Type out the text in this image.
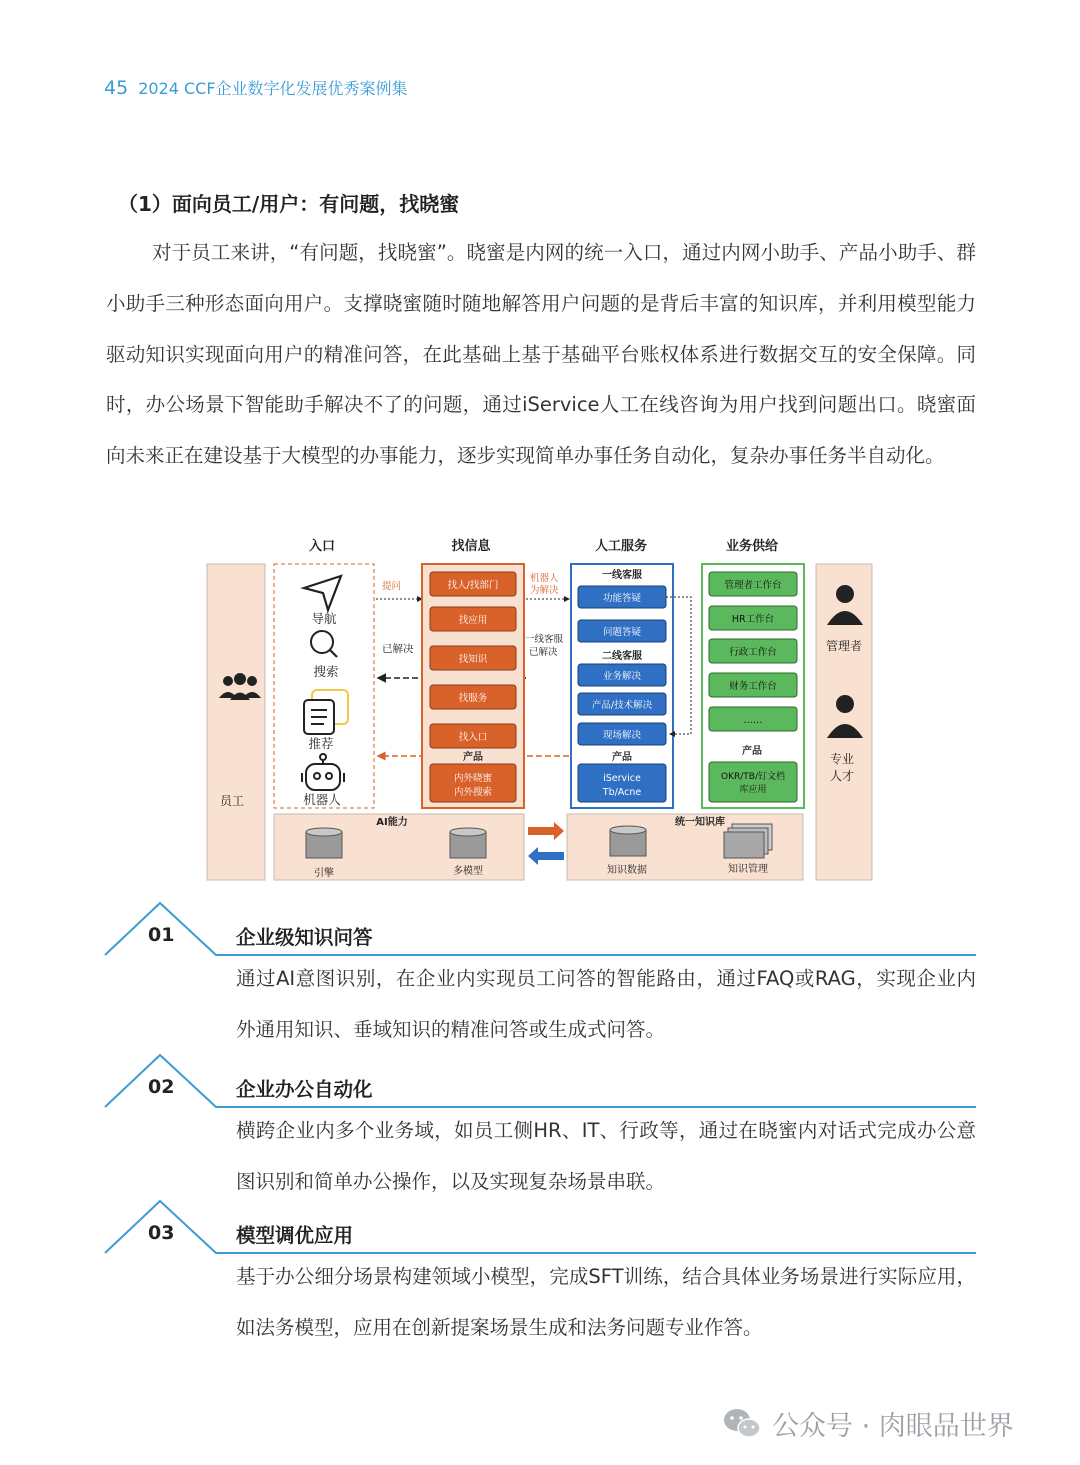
45 2024 CCF企业数字化发展优秀案例集
（1）面向员工/用户：有问题，找晓蜜

对于员工来讲，“有问题，找晓蜜”。晓蜜是内网的统一入口，通过内网小助手、产品小助手、群小助手三种形态面向用户。支撑晓蜜随时随地解答用户问题的是背后丰富的知识库，并利用模型能力驱动知识实现面向用户的精准问答，在此基础上基于基础平台账权体系进行数据交互的安全保障。同时，办公场景下智能助手解决不了的问题，通过iService人工在线咨询为用户找到问题出口。晓蜜面向未来正在建设基于大模型的办事能力，逐步实现简单办事任务自动化，复杂办事任务半自动化。

入口	找信息	人工服务	业务供给
员工
导航
搜索
推荐
机器人
提问
已解决
找人/找部门
找应用
找知识
找服务
找入口
产品
内外晓蜜
内外搜索
机器人
为解决
一线客服
已解决
一线客服
功能答疑
问题答疑
二线客服
业务解决
产品/技术解决
现场解决
产品
iService
Tb/Acne
管理者工作台
HR工作台
行政工作台
财务工作台
……
产品
OKR/TB/钉文档
库应用
管理者
专业
人才
AI能力
引擎	多模型
统一知识库
知识数据	知识管理
01	企业级知识问答

通过AI意图识别，在企业内实现员工问答的智能路由，通过FAQ或RAG，实现企业内外通用知识、垂域知识的精准问答或生成式问答。

02	企业办公自动化

横跨企业内多个业务域，如员工侧HR、IT、行政等，通过在晓蜜内对话式完成办公意图识别和简单办公操作，以及实现复杂场景串联。

03	模型调优应用

基于办公细分场景构建领域小模型，完成SFT训练，结合具体业务场景进行实际应用，如法务模型，应用在创新提案场景生成和法务问题专业作答。

公众号 · 肉眼品世界
